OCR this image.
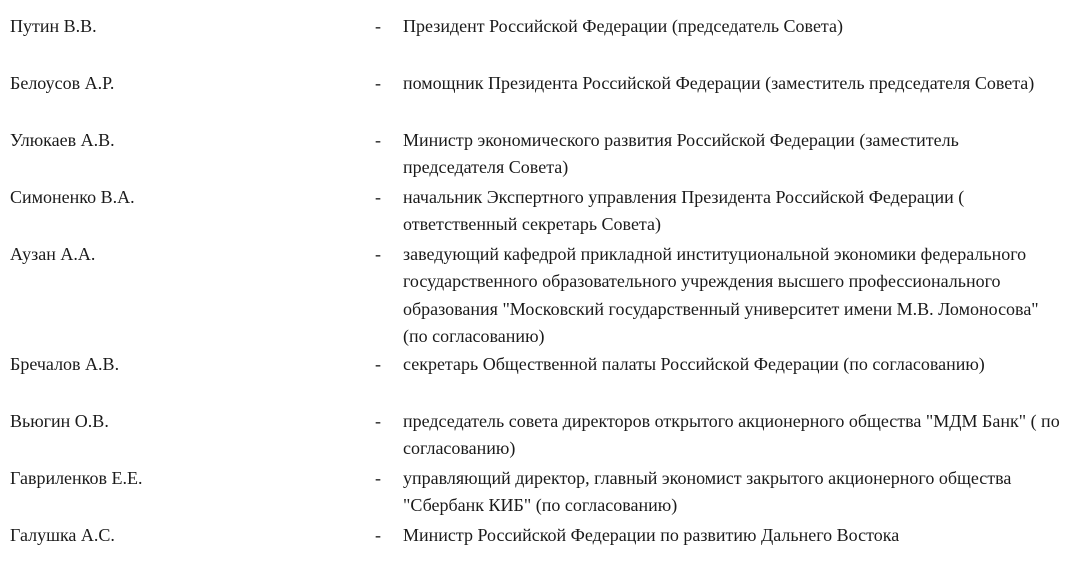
Путин В.В.	-	Президент Российской Федерации (председатель Совета)
Белоусов А.Р.	-	помощник Президента Российской Федерации (заместитель председателя Совета)
Улюкаев А.В.	-	Министр экономического развития Российской Федерации (заместитель председателя Совета)
Симоненко В.А.	-	начальник Экспертного управления Президента Российской Федерации ( ответственный секретарь Совета)
Аузан А.А.	-	заведующий кафедрой прикладной институциональной экономики федерального государственного образовательного учреждения высшего профессионального образования "Московский государственный университет имени М.В. Ломоносова" (по согласованию)
Бречалов А.В.	-	секретарь Общественной палаты Российской Федерации (по согласованию)
Вьюгин О.В.	-	председатель совета директоров открытого акционерного общества "МДМ Банк" ( по согласованию)
Гавриленков Е.Е.	-	управляющий директор, главный экономист закрытого акционерного общества "Сбербанк КИБ" (по согласованию)
Галушка А.С.	-	Министр Российской Федерации по развитию Дальнего Востока
